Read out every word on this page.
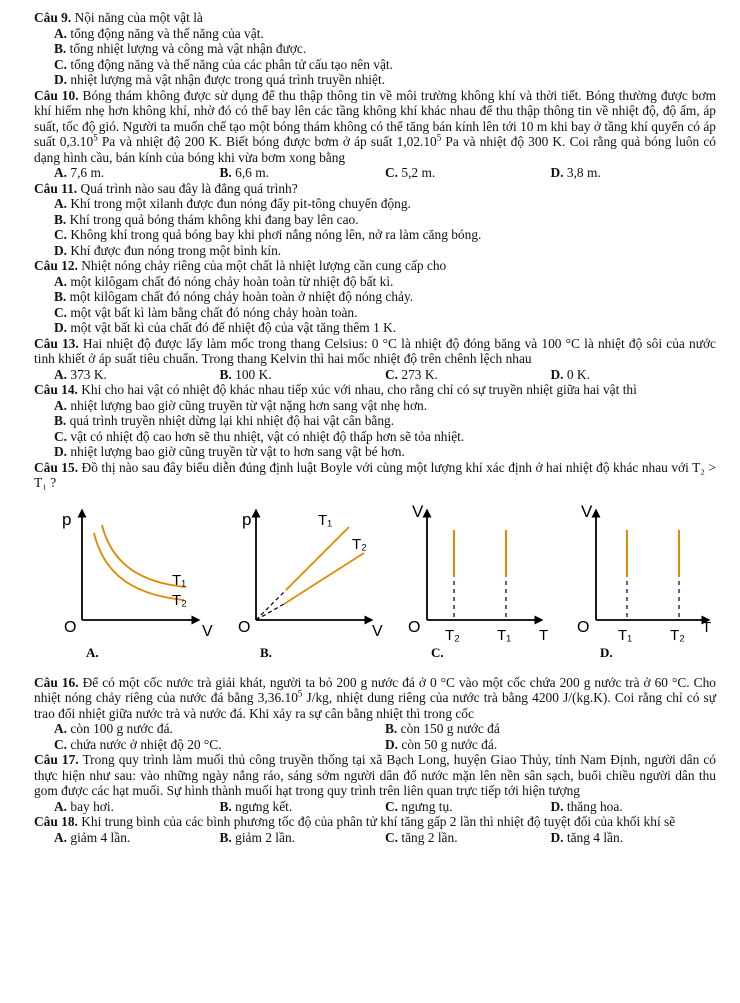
Câu 9. Nội năng của một vật là
A. tổng động năng và thế năng của vật.
B. tổng nhiệt lượng và công mà vật nhận được.
C. tổng động năng và thế năng của các phân tử cấu tạo nên vật.
D. nhiệt lượng mà vật nhận được trong quá trình truyền nhiệt.
Câu 10. Bóng thám không được sử dụng để thu thập thông tin về môi trường không khí và thời tiết. Bóng thường được bơm khí hiếm nhẹ hơn không khí, nhờ đó có thể bay lên các tầng không khí khác nhau để thu thập thông tin về nhiệt độ, độ ẩm, áp suất, tốc độ gió. Người ta muốn chế tạo một bóng thám không có thể tăng bán kính lên tới 10 m khi bay ở tầng khí quyển có áp suất 0,3.10$^5$ Pa và nhiệt độ 200 K. Biết bóng được bơm ở áp suất 1,02.10$^5$ Pa và nhiệt độ 300 K. Coi rằng quả bóng luôn có dạng hình cầu, bán kính của bóng khi vừa bơm xong bằng
A. 7,6 m.	B. 6,6 m.	C. 5,2 m.	D. 3,8 m.
Câu 11. Quá trình nào sau đây là đẳng quá trình?
A. Khí trong một xilanh được đun nóng đẩy pit-tông chuyển động.
B. Khí trong quả bóng thám không khi đang bay lên cao.
C. Không khí trong quả bóng bay khi phơi nắng nóng lên, nở ra làm căng bóng.
D. Khí được đun nóng trong một bình kín.
Câu 12. Nhiệt nóng chảy riêng của một chất là nhiệt lượng cần cung cấp cho
A. một kilôgam chất đó nóng chảy hoàn toàn từ nhiệt độ bất kì.
B. một kilôgam chất đó nóng chảy hoàn toàn ở nhiệt độ nóng chảy.
C. một vật bất kì làm bằng chất đó nóng chảy hoàn toàn.
D. một vật bất kì của chất đó để nhiệt độ của vật tăng thêm 1 K.
Câu 13. Hai nhiệt độ được lấy làm mốc trong thang Celsius: 0 °C là nhiệt độ đóng băng và 100 °C là nhiệt độ sôi của nước tinh khiết ở áp suất tiêu chuẩn. Trong thang Kelvin thì hai mốc nhiệt độ trên chênh lệch nhau
A. 373 K.	B. 100 K.	C. 273 K.	D. 0 K.
Câu 14. Khi cho hai vật có nhiệt độ khác nhau tiếp xúc với nhau, cho rằng chỉ có sự truyền nhiệt giữa hai vật thì
A. nhiệt lượng bao giờ cũng truyền từ vật nặng hơn sang vật nhẹ hơn.
B. quá trình truyền nhiệt dừng lại khi nhiệt độ hai vật cân bằng.
C. vật có nhiệt độ cao hơn sẽ thu nhiệt, vật có nhiệt độ thấp hơn sẽ tỏa nhiệt.
D. nhiệt lượng bao giờ cũng truyền từ vật to hơn sang vật bé hơn.
Câu 15. Đồ thị nào sau đây biểu diễn đúng định luật Boyle với cùng một lượng khí xác định ở hai nhiệt độ khác nhau với T₂ > T₁ ?
p
O	V
T₁
T₂
A.
p
O	V
T₁
T₂
B.
V
O T₂ T₁ T
C.
V
O T₁	T₂ T
D.
Câu 16. Để có một cốc nước trà giải khát, người ta bỏ 200 g nước đá ở 0 °C vào một cốc chứa 200 g nước trà ở 60 °C. Cho nhiệt nóng chảy riêng của nước đá bằng 3,36.10$^5$ J/kg, nhiệt dung riêng của nước trà bằng 4200 J/(kg.K). Coi rằng chỉ có sự trao đổi nhiệt giữa nước trà và nước đá. Khi xảy ra sự cân bằng nhiệt thì trong cốc
A. còn 100 g nước đá.	B. còn 150 g nước đá
C. chứa nước ở nhiệt độ 20 °C.	D. còn 50 g nước đá.
Câu 17. Trong quy trình làm muối thủ công truyền thống tại xã Bạch Long, huyện Giao Thủy, tỉnh Nam Định, người dân có thực hiện như sau: vào những ngày nắng ráo, sáng sớm người dân đổ nước mặn lên nền sân sạch, buổi chiều người dân thu gom được các hạt muối. Sự hình thành muối hạt trong quy trình trên liên quan trực tiếp tới hiện tượng
A. bay hơi.	B. ngưng kết.	C. ngưng tụ.	D. thăng hoa.
Câu 18. Khi trung bình của các bình phương tốc độ của phân tử khí tăng gấp 2 lần thì nhiệt độ tuyệt đối của khối khí sẽ
A. giảm 4 lần.	B. giảm 2 lần.	C. tăng 2 lần.	D. tăng 4 lần.
